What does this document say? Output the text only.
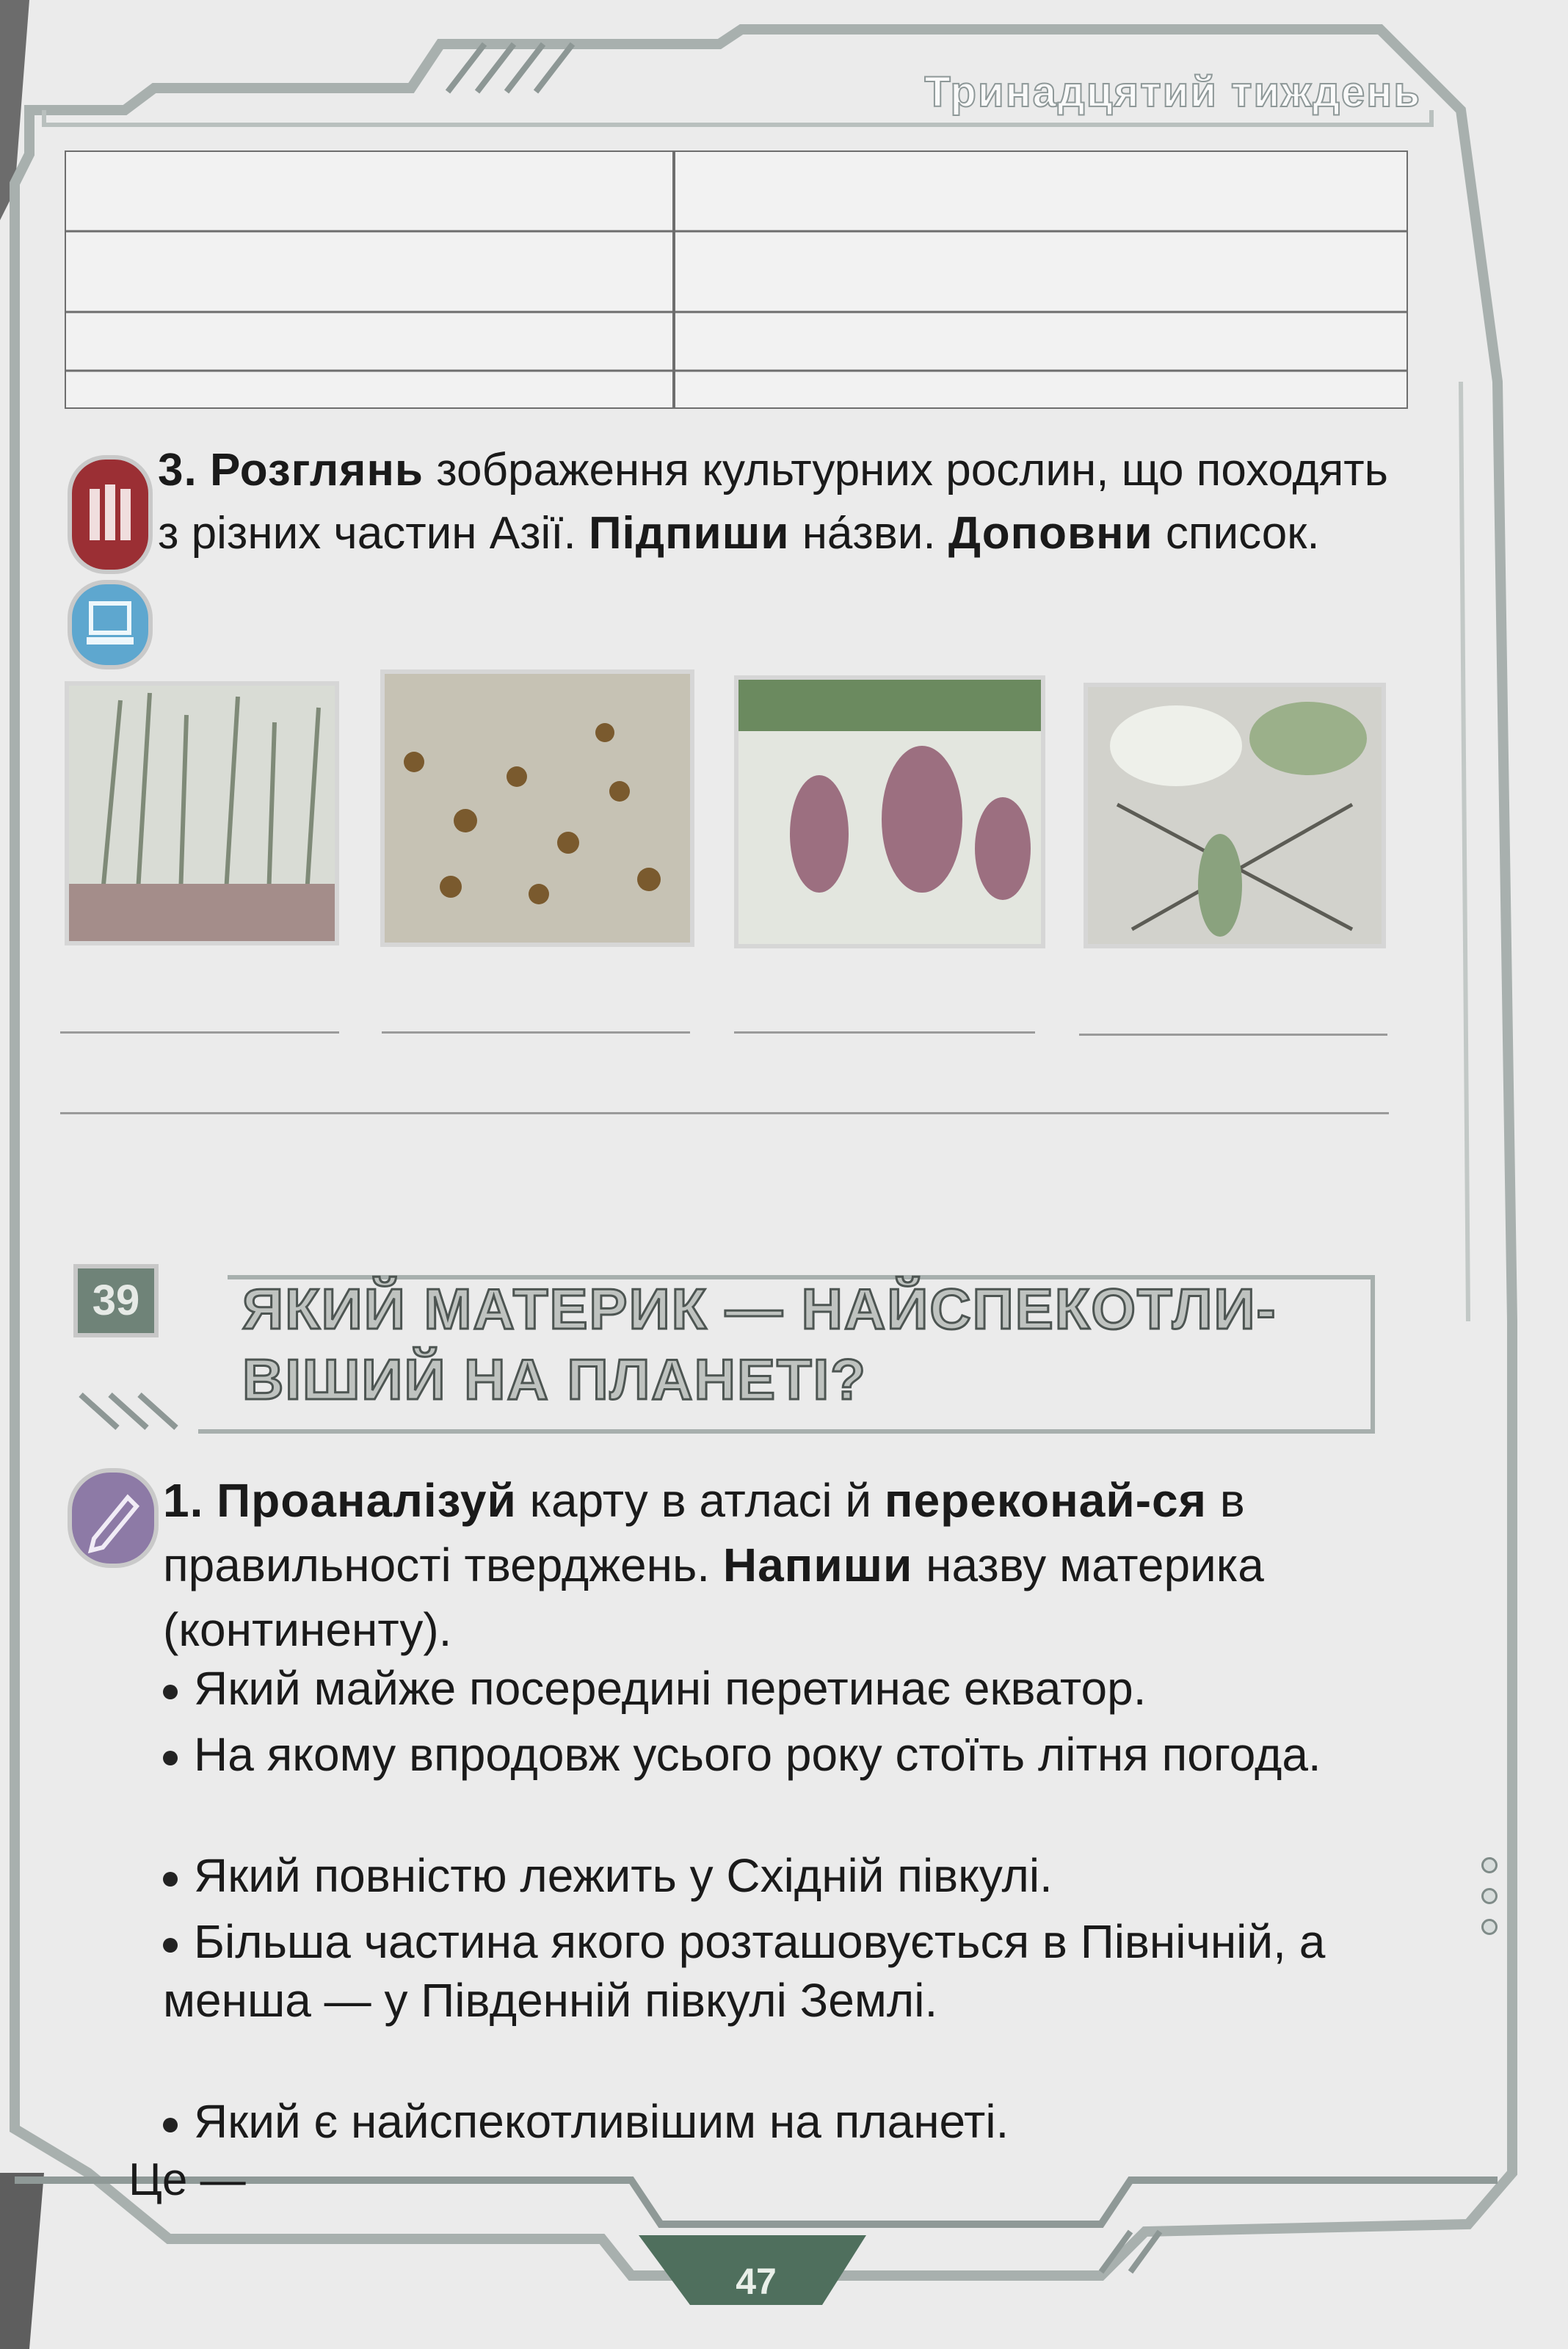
Тринадцятий тиждень
3. Розглянь зображення культурних рослин, що походять з різних частин Азії. Підпиши на́зви. Доповни список.
39	ЯКИЙ МАТЕРИК — НАЙСПЕКОТЛИ-
ВІШИЙ НА ПЛАНЕТІ?
1. Проаналізуй карту в атласі й переконай-ся в правильності тверджень. Напиши назву материка (континенту).
Який майже посередині перетинає екватор.
На якому впродовж усього року стоїть літня погода.
Який повністю лежить у Східній півкулі.
Більша частина якого розташовується в Північній, а менша — у Південній півкулі Землі.
Який є найспекотливішим на планеті.
Це —
47
